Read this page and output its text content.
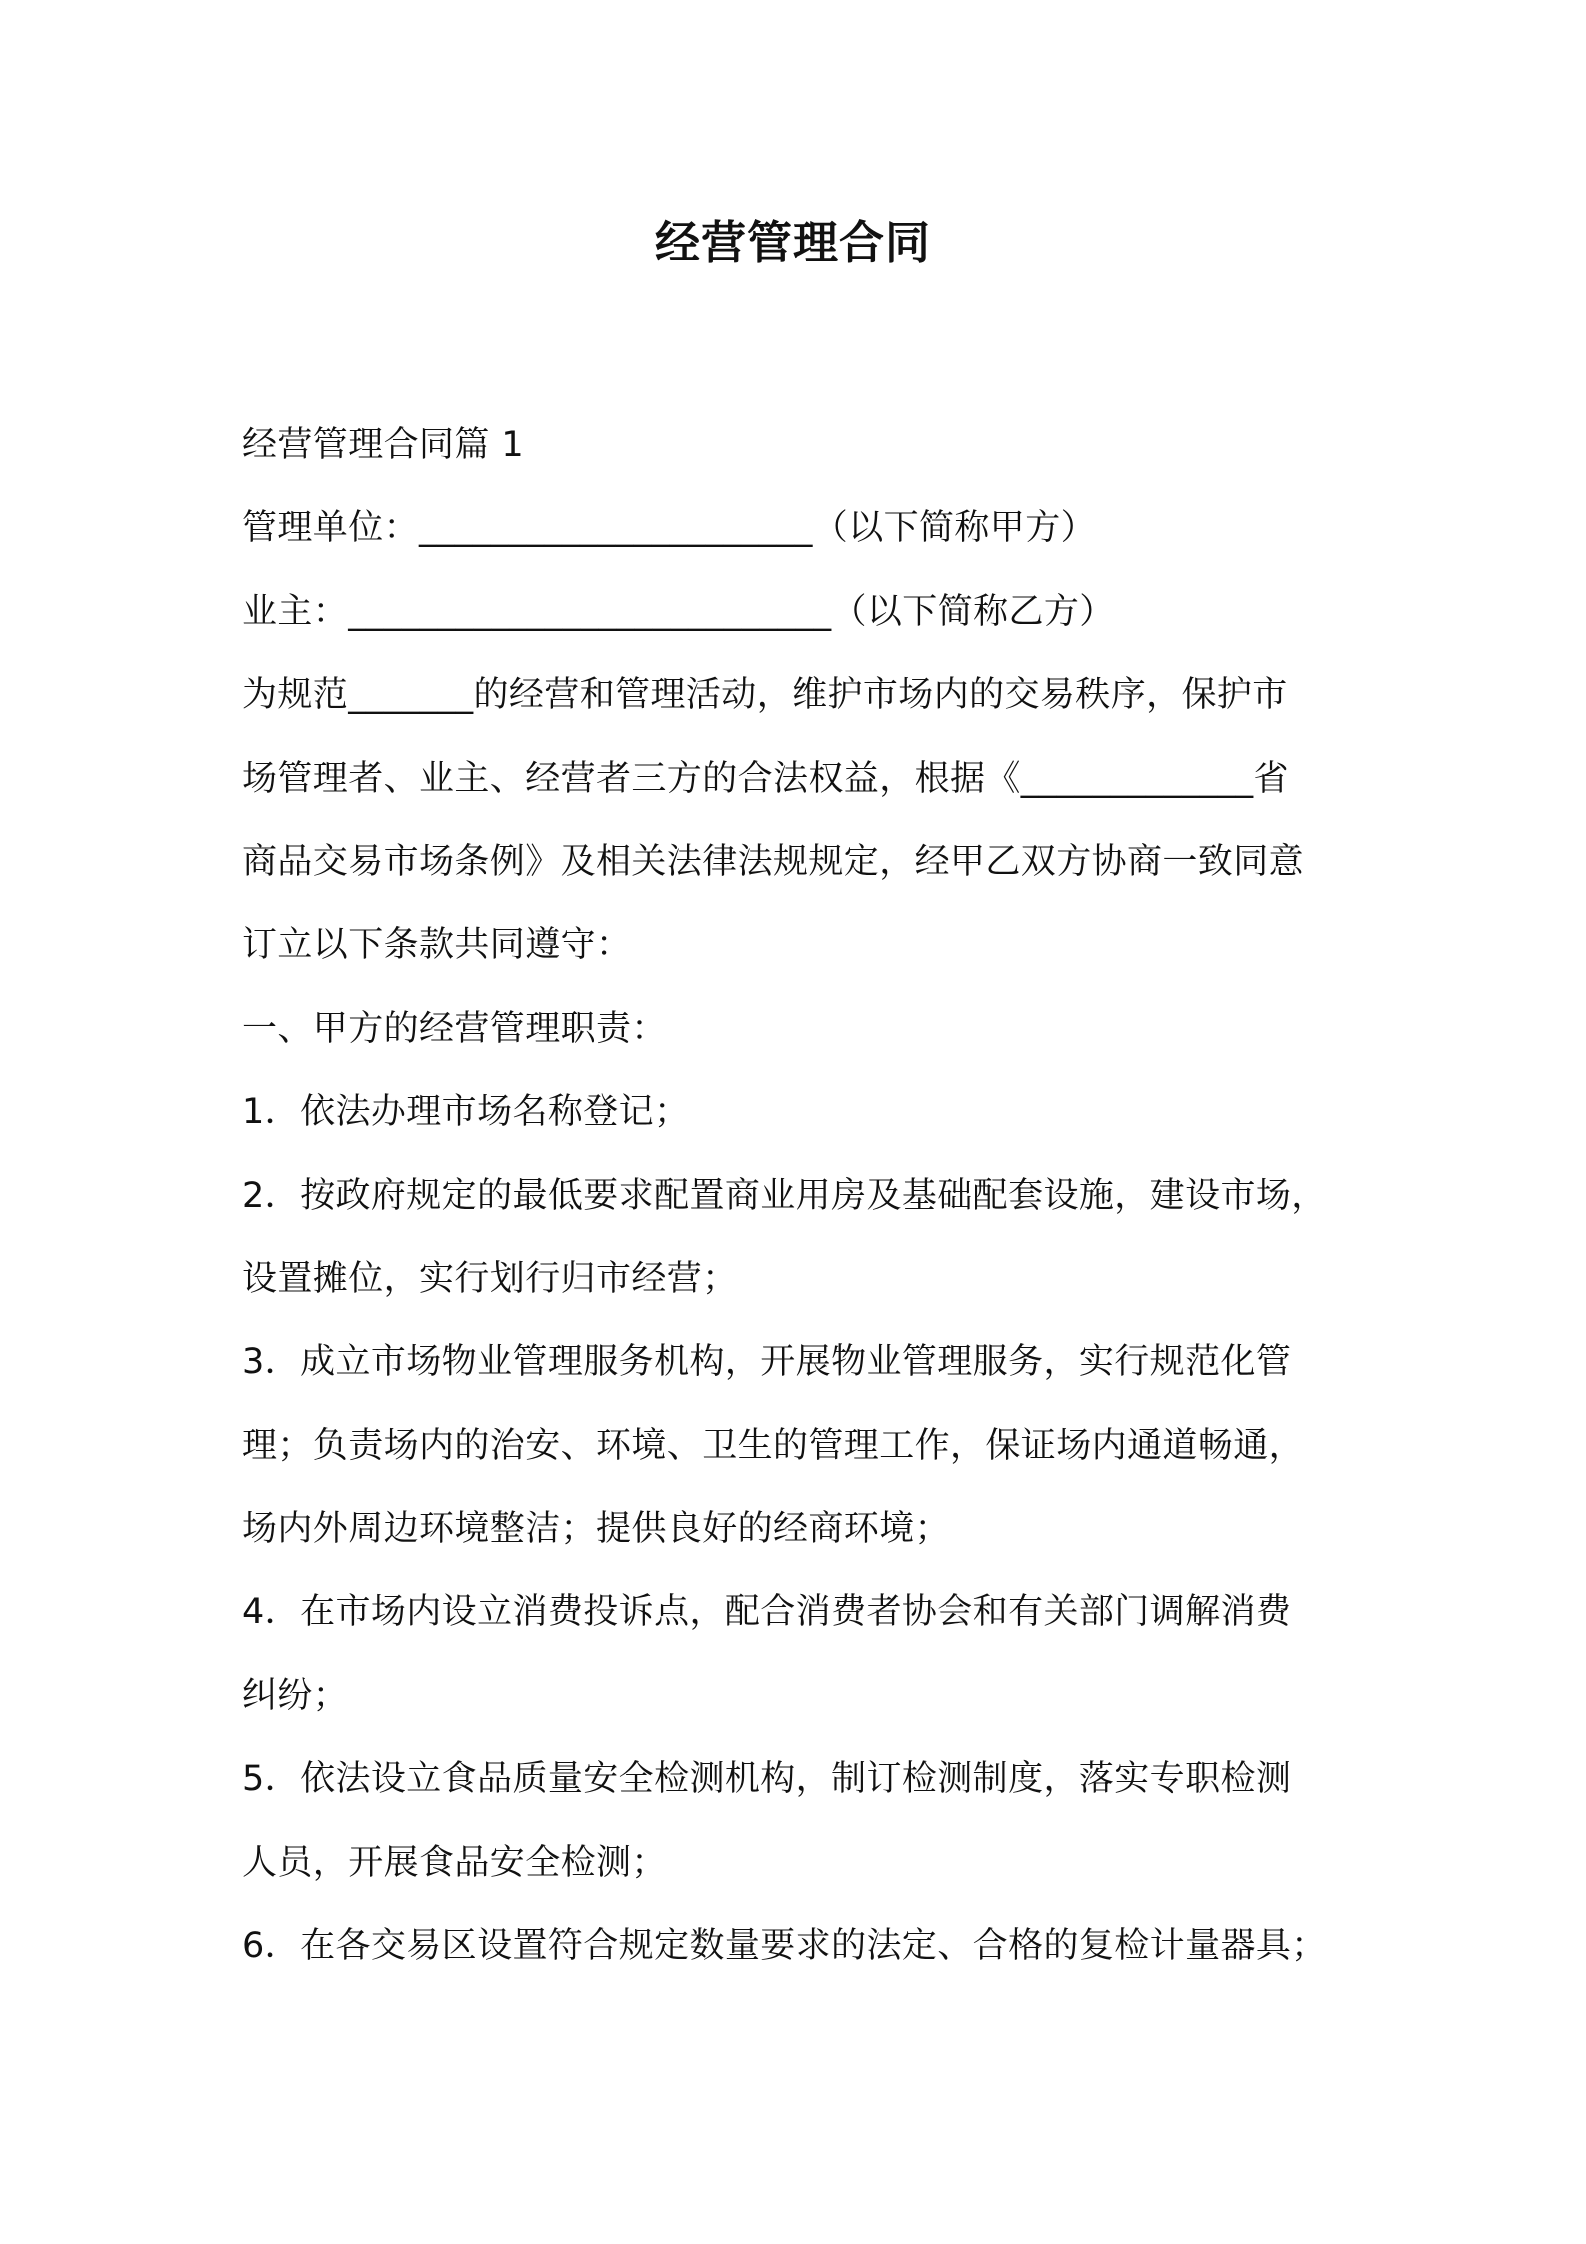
经营管理合同

经营管理合同篇 1

管理单位：______________________（以下简称甲方）

业主：___________________________（以下简称乙方）

为规范_______的经营和管理活动，维护市场内的交易秩序，保护市

场管理者、业主、经营者三方的合法权益，根据《_____________省

商品交易市场条例》及相关法律法规规定，经甲乙双方协商一致同意

订立以下条款共同遵守：

一、甲方的经营管理职责：

1．依法办理市场名称登记；

2．按政府规定的最低要求配置商业用房及基础配套设施，建设市场，

设置摊位，实行划行归市经营；

3．成立市场物业管理服务机构，开展物业管理服务，实行规范化管

理；负责场内的治安、环境、卫生的管理工作，保证场内通道畅通，

场内外周边环境整洁；提供良好的经商环境；

4．在市场内设立消费投诉点，配合消费者协会和有关部门调解消费

纠纷；

5．依法设立食品质量安全检测机构，制订检测制度，落实专职检测

人员，开展食品安全检测；

6．在各交易区设置符合规定数量要求的法定、合格的复检计量器具；
